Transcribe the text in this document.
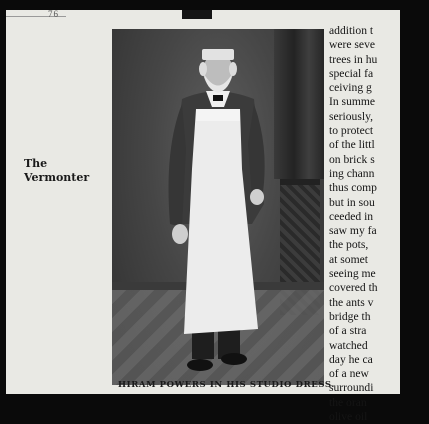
76
The
Vermonter
HIRAM POWERS IN HIS STUDIO DRESS.
addition t
were seve
trees in hu
special fa
ceiving g
In summe
seriously,
to protect
of the littl
on brick s
ing chann
thus comp
but in sou
ceeded in
saw my fa
the pots,
at somet
seeing me
covered th
the ants v
bridge th
of a stra
watched
day he ca
of a new
surroundi
the oran
olive oil
